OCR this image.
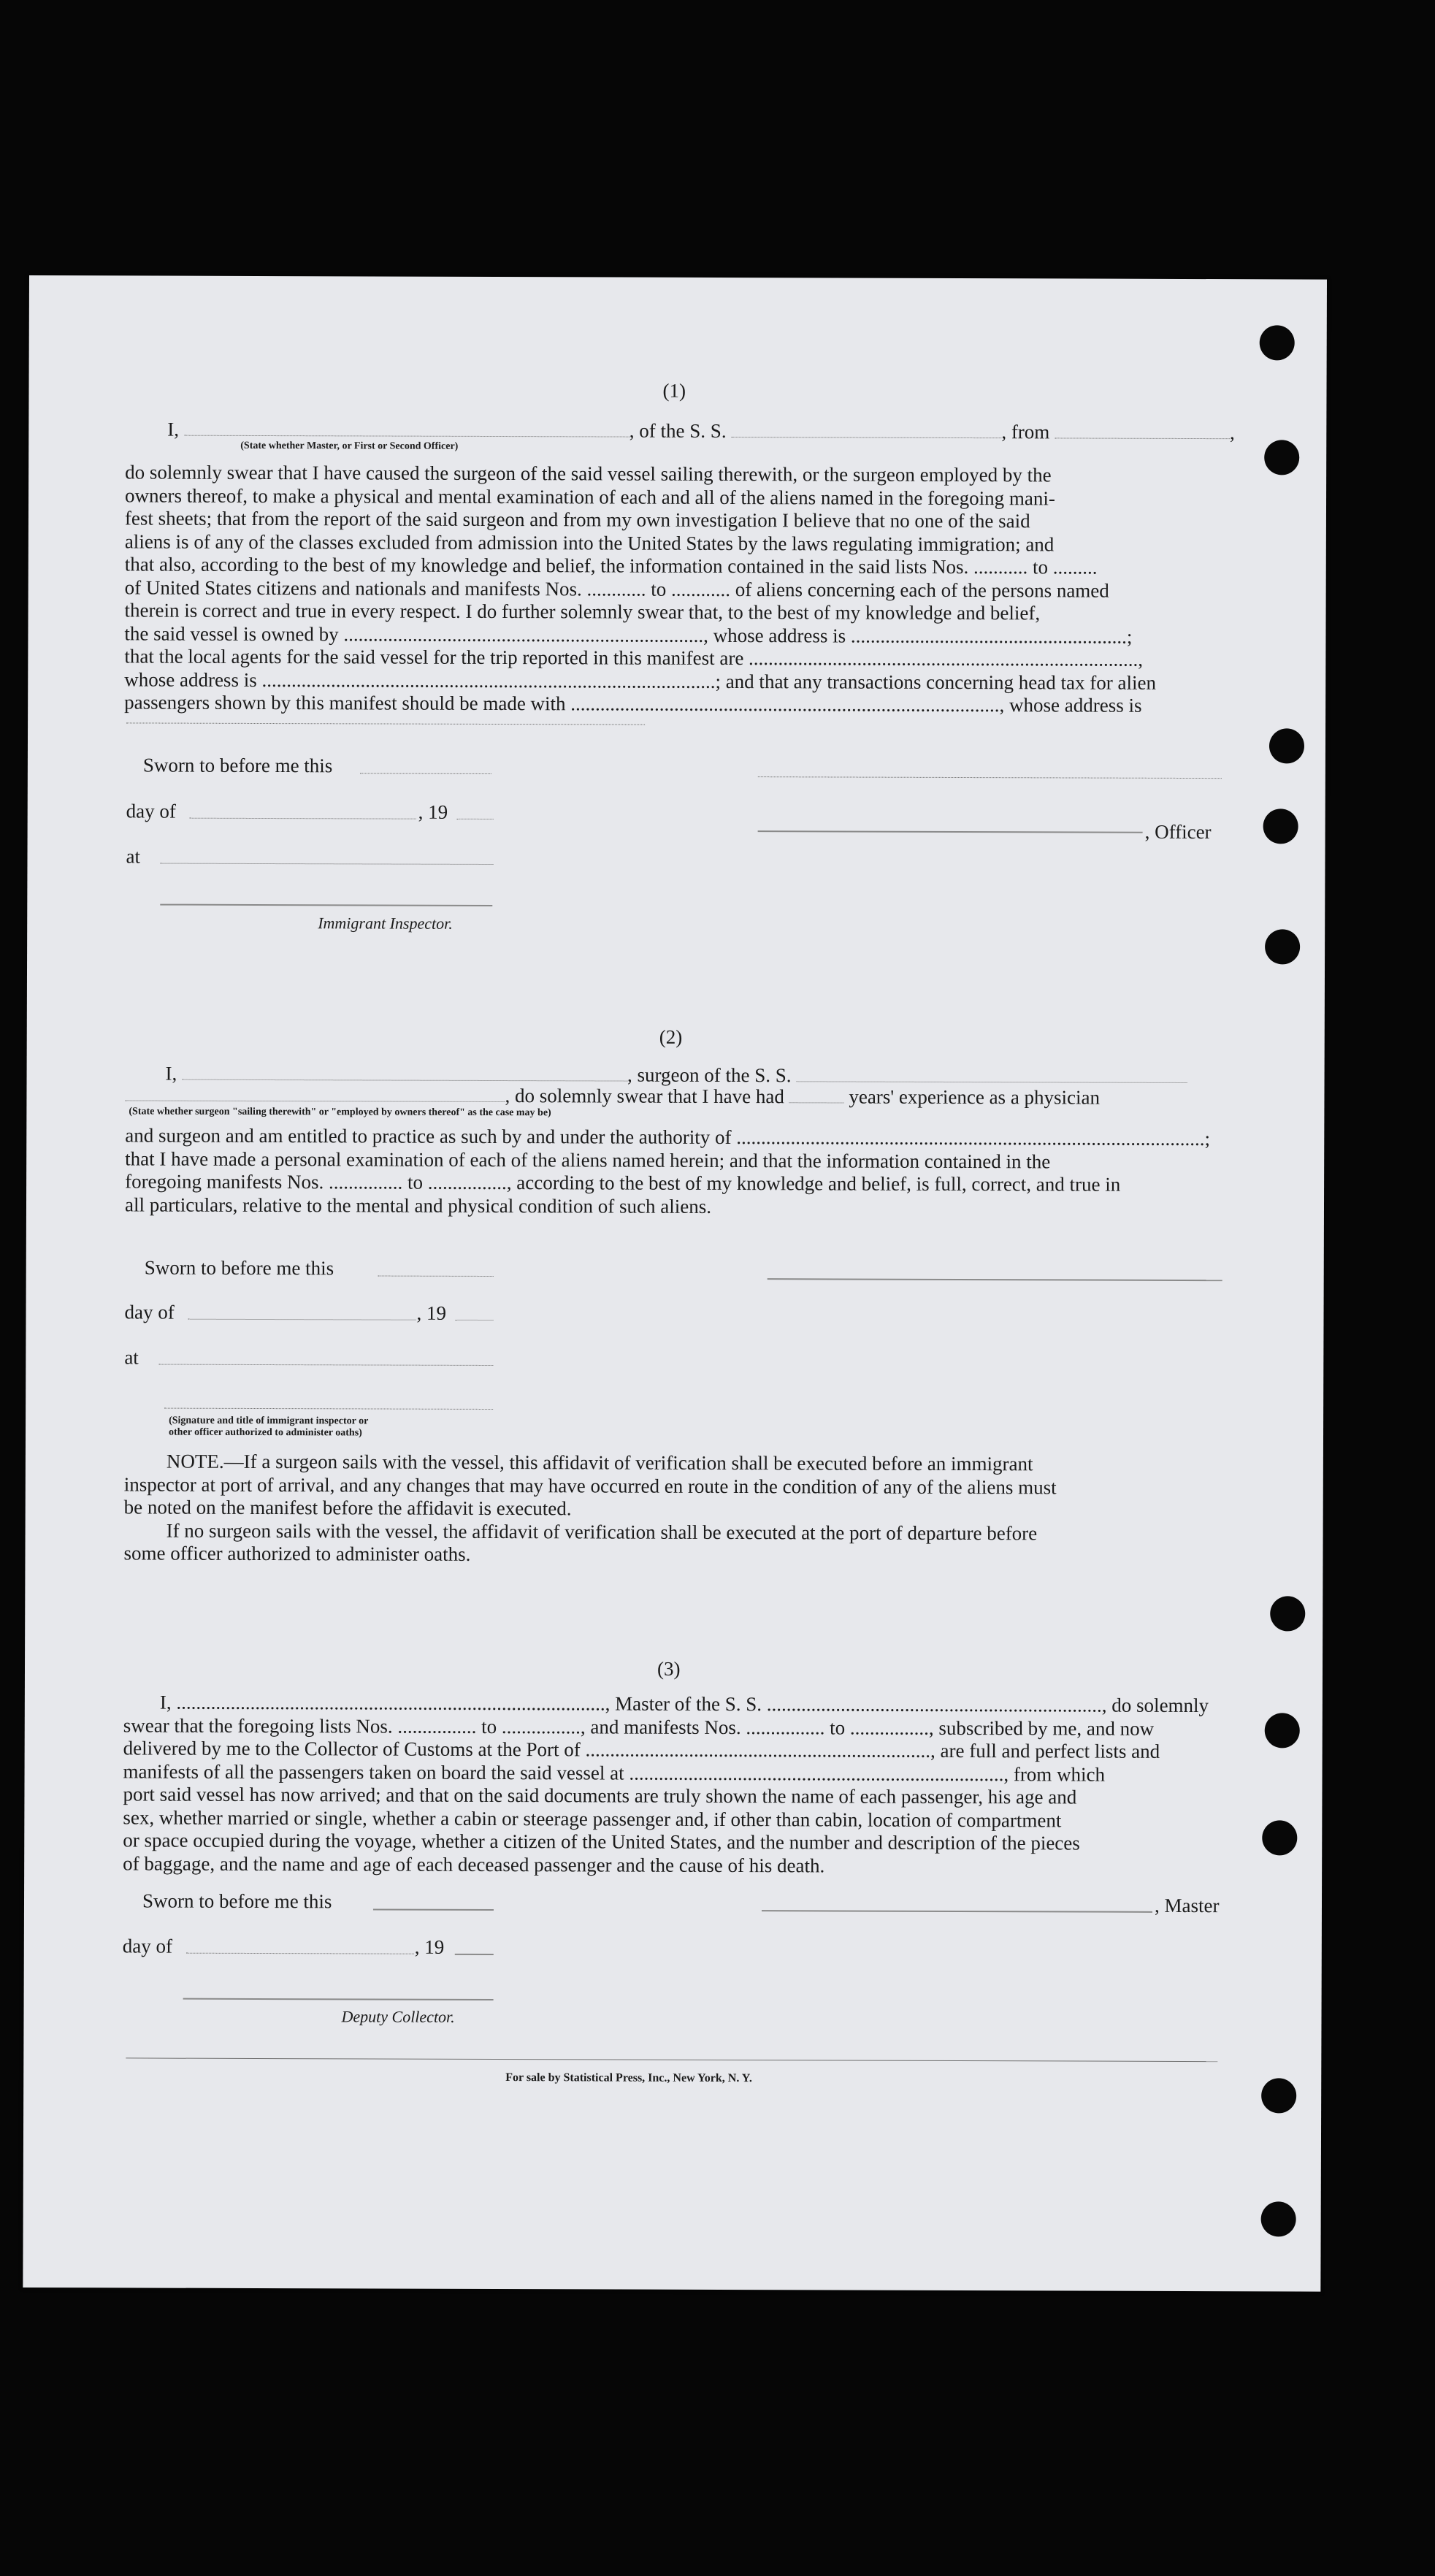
(1)
I,	, of the S. S.	, from	,
(State whether Master, or First or Second Officer)

do solemnly swear that I have caused the surgeon of the said vessel sailing therewith, or the surgeon employed by the

owners thereof, to make a physical and mental examination of each and all of the aliens named in the foregoing mani-

fest sheets; that from the report of the said surgeon and from my own investigation I believe that no one of the said

aliens is of any of the classes excluded from admission into the United States by the laws regulating immigration; and

that also, according to the best of my knowledge and belief, the information contained in the said lists Nos. ........... to .........

of United States citizens and nationals and manifests Nos. ............ to ............ of aliens concerning each of the persons named

therein is correct and true in every respect. I do further solemnly swear that, to the best of my knowledge and belief,

the said vessel is owned by ........................................................................., whose address is ........................................................;

that the local agents for the said vessel for the trip reported in this manifest are ...............................................................................,

whose address is ............................................................................................; and that any transactions concerning head tax for alien

passengers shown by this manifest should be made with ......................................................................................., whose address is

Sworn to before me this
day of	, 19
, Officer
at
Immigrant Inspector.
(2)
I,	, surgeon of the S. S.
, do solemnly swear that I have had	years' experience as a physician
(State whether surgeon "sailing therewith" or "employed by owners thereof" as the case may be)

and surgeon and am entitled to practice as such by and under the authority of ...............................................................................................;

that I have made a personal examination of each of the aliens named herein; and that the information contained in the

foregoing manifests Nos. ............... to ................, according to the best of my knowledge and belief, is full, correct, and true in

all particulars, relative to the mental and physical condition of such aliens.

Sworn to before me this
day of	, 19
at
(Signature and title of immigrant inspector or
other officer authorized to administer oaths)

NOTE.—If a surgeon sails with the vessel, this affidavit of verification shall be executed before an immigrant

inspector at port of arrival, and any changes that may have occurred en route in the condition of any of the aliens must

be noted on the manifest before the affidavit is executed.

If no surgeon sails with the vessel, the affidavit of verification shall be executed at the port of departure before

some officer authorized to administer oaths.

(3)

I, ......................................................................................., Master of the S. S. ...................................................................., do solemnly

swear that the foregoing lists Nos. ................ to ................, and manifests Nos. ................ to ................, subscribed by me, and now

delivered by me to the Collector of Customs at the Port of ......................................................................, are full and perfect lists and

manifests of all the passengers taken on board the said vessel at ............................................................................, from which

port said vessel has now arrived; and that on the said documents are truly shown the name of each passenger, his age and

sex, whether married or single, whether a cabin or steerage passenger and, if other than cabin, location of compartment

or space occupied during the voyage, whether a citizen of the United States, and the number and description of the pieces

of baggage, and the name and age of each deceased passenger and the cause of his death.

Sworn to before me this	, Master
day of	, 19
Deputy Collector.
For sale by Statistical Press, Inc., New York, N. Y.
